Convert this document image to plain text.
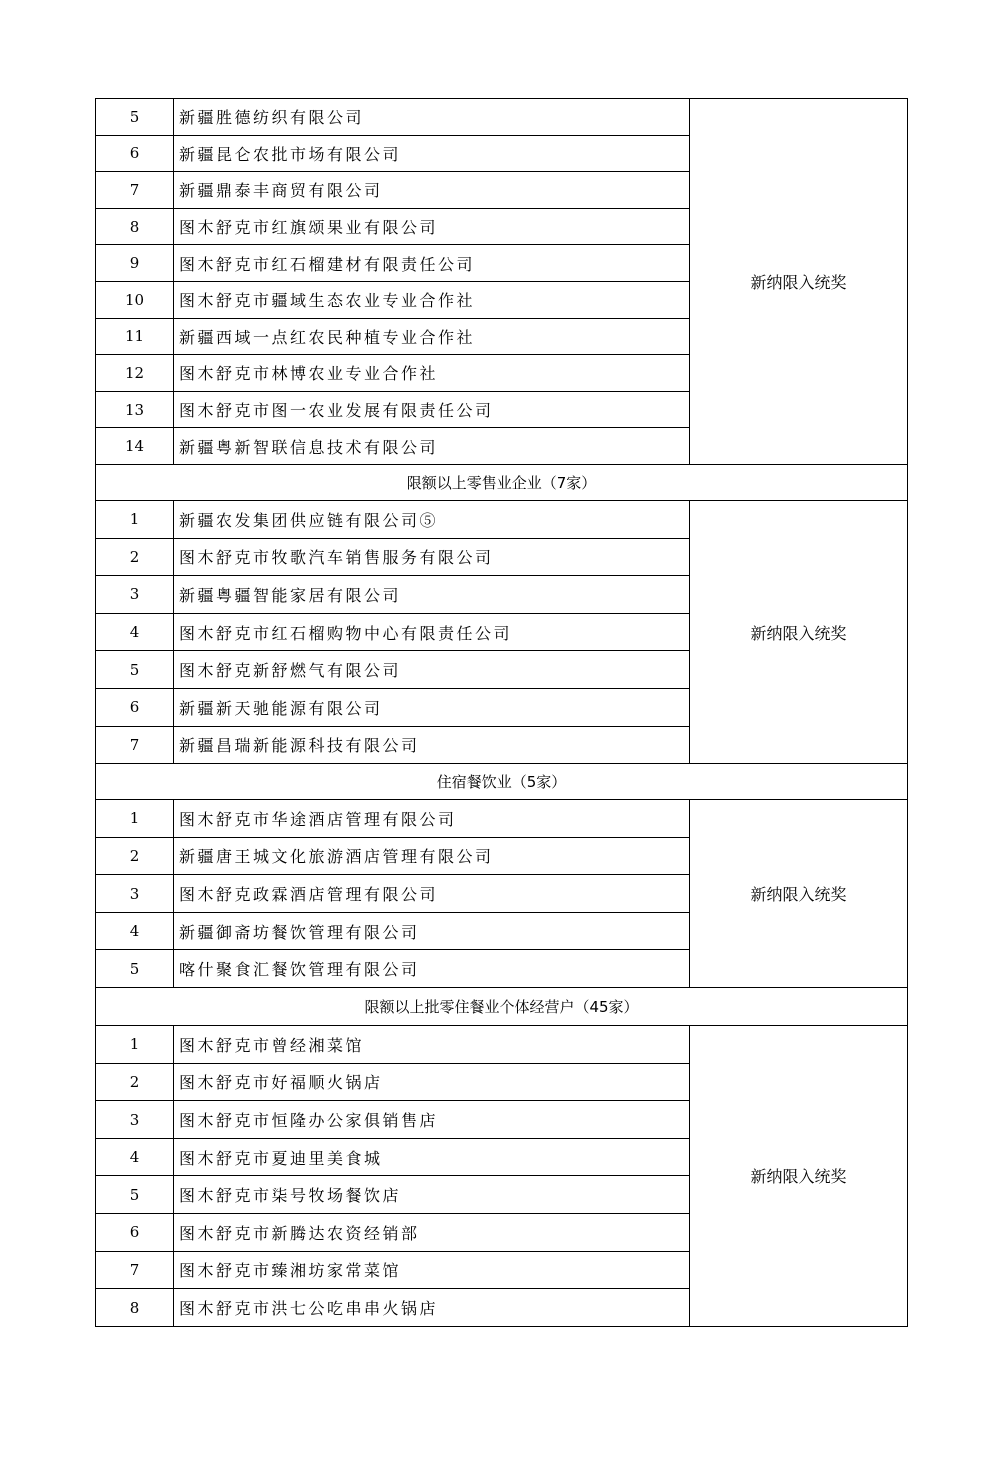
5	新疆胜德纺织有限公司	新纳限入统奖
6	新疆昆仑农批市场有限公司	
7	新疆鼎泰丰商贸有限公司	
8	图木舒克市红旗颂果业有限公司	
9	图木舒克市红石榴建材有限责任公司	
10	图木舒克市疆域生态农业专业合作社	
11	新疆西域一点红农民种植专业合作社	
12	图木舒克市林博农业专业合作社	
13	图木舒克市图一农业发展有限责任公司	
14	新疆粤新智联信息技术有限公司	
限额以上零售业企业（7家）		
1	新疆农发集团供应链有限公司⑤	新纳限入统奖
2	图木舒克市牧歌汽车销售服务有限公司	
3	新疆粤疆智能家居有限公司	
4	图木舒克市红石榴购物中心有限责任公司	
5	图木舒克新舒燃气有限公司	
6	新疆新天驰能源有限公司	
7	新疆昌瑞新能源科技有限公司	
住宿餐饮业（5家）		
1	图木舒克市华途酒店管理有限公司	新纳限入统奖
2	新疆唐王城文化旅游酒店管理有限公司	
3	图木舒克政霖酒店管理有限公司	
4	新疆御斋坊餐饮管理有限公司	
5	喀什聚食汇餐饮管理有限公司	
限额以上批零住餐业个体经营户（45家）		
1	图木舒克市曾经湘菜馆	新纳限入统奖
2	图木舒克市好福顺火锅店	
3	图木舒克市恒隆办公家俱销售店	
4	图木舒克市夏迪里美食城	
5	图木舒克市柒号牧场餐饮店	
6	图木舒克市新腾达农资经销部	
7	图木舒克市臻湘坊家常菜馆	
8	图木舒克市洪七公吃串串火锅店	
